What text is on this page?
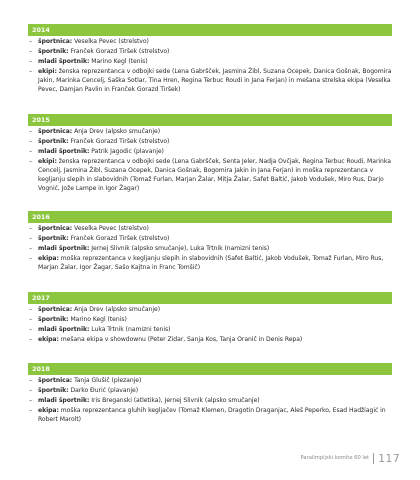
2014
– športnica: Veselka Pevec (strelstvo)
– športnik: Franček Gorazd Tiršek (strelstvo)
– mladi športnik: Marino Kegl (tenis)
– ekipi: ženska reprezentanca v odbojki sede (Lena Gabršček, Jasmina Žibl, Suzana Ocepek, Danica Gošnak, Bogomira Jakin, Marinka Cencelj, Saška Sotlar, Tina Hren, Regina Terbuc Roudi in Jana Ferjan) in mešana strelska ekipa (Veselka Pevec, Damjan Pavlin in Franček Gorazd Tiršek)
2015
– športnica: Anja Drev (alpsko smučanje)
– športnik: Franček Gorazd Tiršek (strelstvo)
– mladi športnik: Patrik Jagodic (plavanje)
– ekipi: ženska reprezentanca v odbojki sede (Lena Gabršček, Senta Jeler, Nadja Ovčjak, Regina Terbuc Roudi, Marinka Cencelj, Jasmina Žibl, Suzana Ocepek, Danica Gošnak, Bogomira Jakin in Jana Ferjan) in moška reprezentanca v kegljanju slepih in slabovidnih (Tomaž Furlan, Marjan Žalar, Mitja Žalar, Safet Baltić, Jakob Vodušek, Miro Rus, Darjo Vognić, Jože Lampe in Igor Žagar)
2016
– športnica: Veselka Pevec (strelstvo)
– športnik: Franček Gorazd Tiršek (strelstvo)
– mladi športnik: Jernej Slivnik (alpsko smučanje), Luka Trtnik (namizni tenis)
– ekipa: moška reprezentanca v kegljanju slepih in slabovidnih (Safet Baltić, Jakob Vodušek, Tomaž Furlan, Miro Rus, Marjan Žalar, Igor Žagar, Sašo Kajtna in Franc Tomšič)
2017
– športnica: Anja Drev (alpsko smučanje)
– športnik: Marino Kegl (tenis)
– mladi športnik: Luka Trtnik (namizni tenis)
– ekipa: mešana ekipa v showdownu (Peter Zidar, Sanja Kos, Tanja Oranič in Denis Repa)
2018
– športnica: Tanja Glušič (plezanje)
– športnik: Darko Đurić (plavanje)
– mladi športnik: Iris Breganski (atletika), Jernej Slivnik (alpsko smučanje)
– ekipa: moška reprezentanca gluhih kegljačev (Tomaž Klemen, Dragotin Draganjac, Aleš Peperko, Esad Hadžiagić in Robert Marolt)
Paralimpijski komite 60 let 117
